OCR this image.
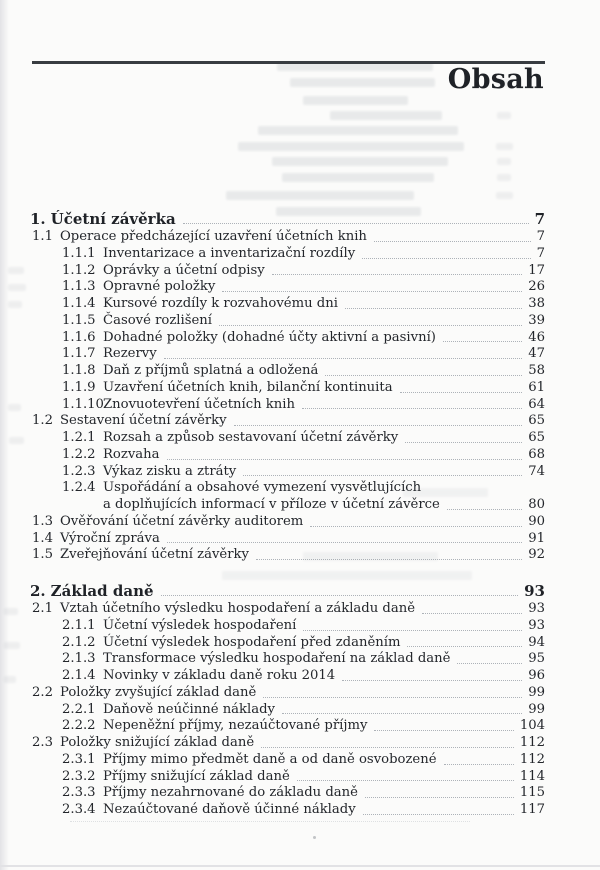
Obsah
1. Účetní závěrka	7
1.1 Operace předcházející uzavření účetních knih	7
1.1.1 Inventarizace a inventarizační rozdíly	7
1.1.2 Oprávky a účetní odpisy	17
1.1.3 Opravné položky	26
1.1.4 Kursové rozdíly k rozvahovému dni	38
1.1.5 Časové rozlišení	39
1.1.6 Dohadné položky (dohadné účty aktivní a pasivní)	46
1.1.7 Rezervy	47
1.1.8 Daň z příjmů splatná a odložená	58
1.1.9 Uzavření účetních knih, bilanční kontinuita	61
1.1.10 Znovuotevření účetních knih	64
1.2 Sestavení účetní závěrky	65
1.2.1 Rozsah a způsob sestavovaní účetní závěrky	65
1.2.2 Rozvaha	68
1.2.3 Výkaz zisku a ztráty	74
1.2.4 Uspořádání a obsahové vymezení vysvětlujících
a doplňujících informací v příloze v účetní závěrce	80
1.3 Ověřování účetní závěrky auditorem	90
1.4 Výroční zpráva	91
1.5 Zveřejňování účetní závěrky	92
2. Základ daně	93
2.1 Vztah účetního výsledku hospodaření a základu daně	93
2.1.1 Účetní výsledek hospodaření	93
2.1.2 Účetní výsledek hospodaření před zdaněním	94
2.1.3 Transformace výsledku hospodaření na základ daně	95
2.1.4 Novinky v základu daně roku 2014	96
2.2 Položky zvyšující základ daně	99
2.2.1 Daňově neúčinné náklady	99
2.2.2 Nepeněžní příjmy, nezaúčtované příjmy	104
2.3 Položky snižující základ daně	112
2.3.1 Příjmy mimo předmět daně a od daně osvobozené	112
2.3.2 Příjmy snižující základ daně	114
2.3.3 Příjmy nezahrnované do základu daně	115
2.3.4 Nezaúčtované daňově účinné náklady	117
